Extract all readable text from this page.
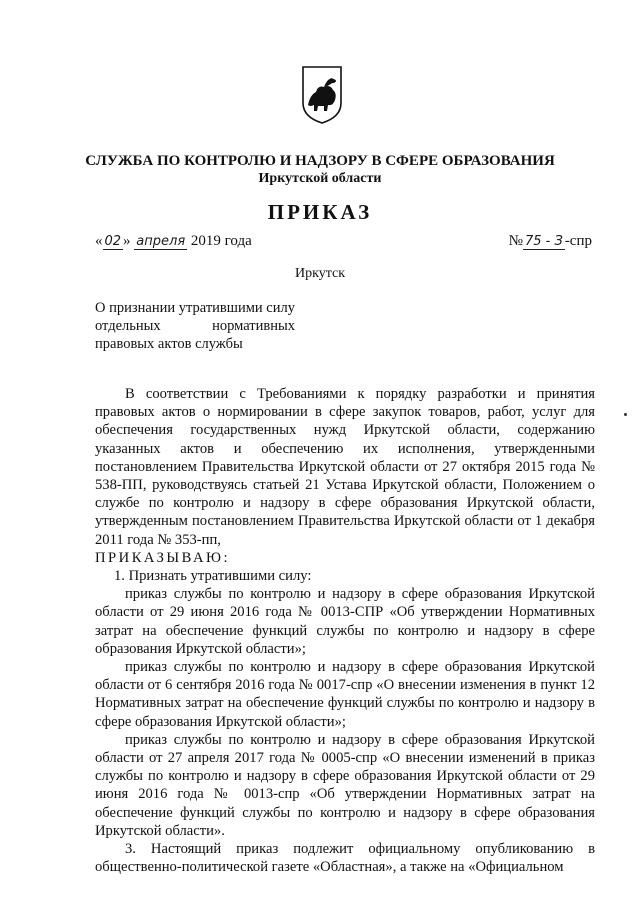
СЛУЖБА ПО КОНТРОЛЮ И НАДЗОРУ В СФЕРЕ ОБРАЗОВАНИЯ
Иркутской области
ПРИКАЗ
« 02 » апреля 2019 года	№ 75 - З -спр
Иркутск
О признании утратившими силу отдельных нормативных правовых актов службы

В соответствии с Требованиями к порядку разработки и принятия правовых актов о нормировании в сфере закупок товаров, работ, услуг для обеспечения государственных нужд Иркутской области, содержанию указанных актов и обеспечению их исполнения, утвержденными постановлением Правительства Иркутской области от 27 октября 2015 года № 538-ПП, руководствуясь статьей 21 Устава Иркутской области, Положением о службе по контролю и надзору в сфере образования Иркутской области, утвержденным постановлением Правительства Иркутской области от 1 декабря 2011 года № 353-пп,

ПРИКАЗЫВАЮ:

1. Признать утратившими силу:

приказ службы по контролю и надзору в сфере образования Иркутской области от 29 июня 2016 года № 0013-СПР «Об утверждении Нормативных затрат на обеспечение функций службы по контролю и надзору в сфере образования Иркутской области»;

приказ службы по контролю и надзору в сфере образования Иркутской области от 6 сентября 2016 года № 0017-спр «О внесении изменения в пункт 12 Нормативных затрат на обеспечение функций службы по контролю и надзору в сфере образования Иркутской области»;

приказ службы по контролю и надзору в сфере образования Иркутской области от 27 апреля 2017 года № 0005-спр «О внесении изменений в приказ службы по контролю и надзору в сфере образования Иркутской области от 29 июня 2016 года № 0013-спр «Об утверждении Нормативных затрат на обеспечение функций службы по контролю и надзору в сфере образования Иркутской области».

3. Настоящий приказ подлежит официальному опубликованию в общественно-политической газете «Областная», а также на «Официальном
